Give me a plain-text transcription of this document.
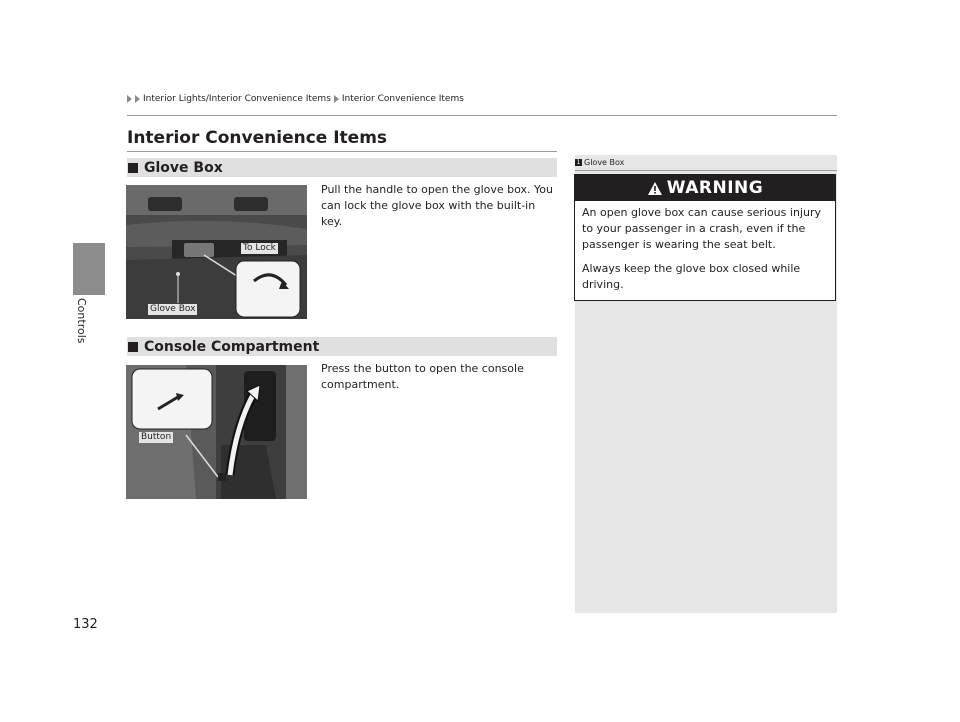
Controls
Interior Lights/Interior Convenience Items Interior Convenience Items
Interior Convenience Items
Glove Box
To Lock
Glove Box
Pull the handle to open the glove box. You can lock the glove box with the built-in key.
Console Compartment
Button
Press the button to open the console compartment.
1 Glove Box
WARNING

An open glove box can cause serious injury to your passenger in a crash, even if the passenger is wearing the seat belt.

Always keep the glove box closed while driving.

132
